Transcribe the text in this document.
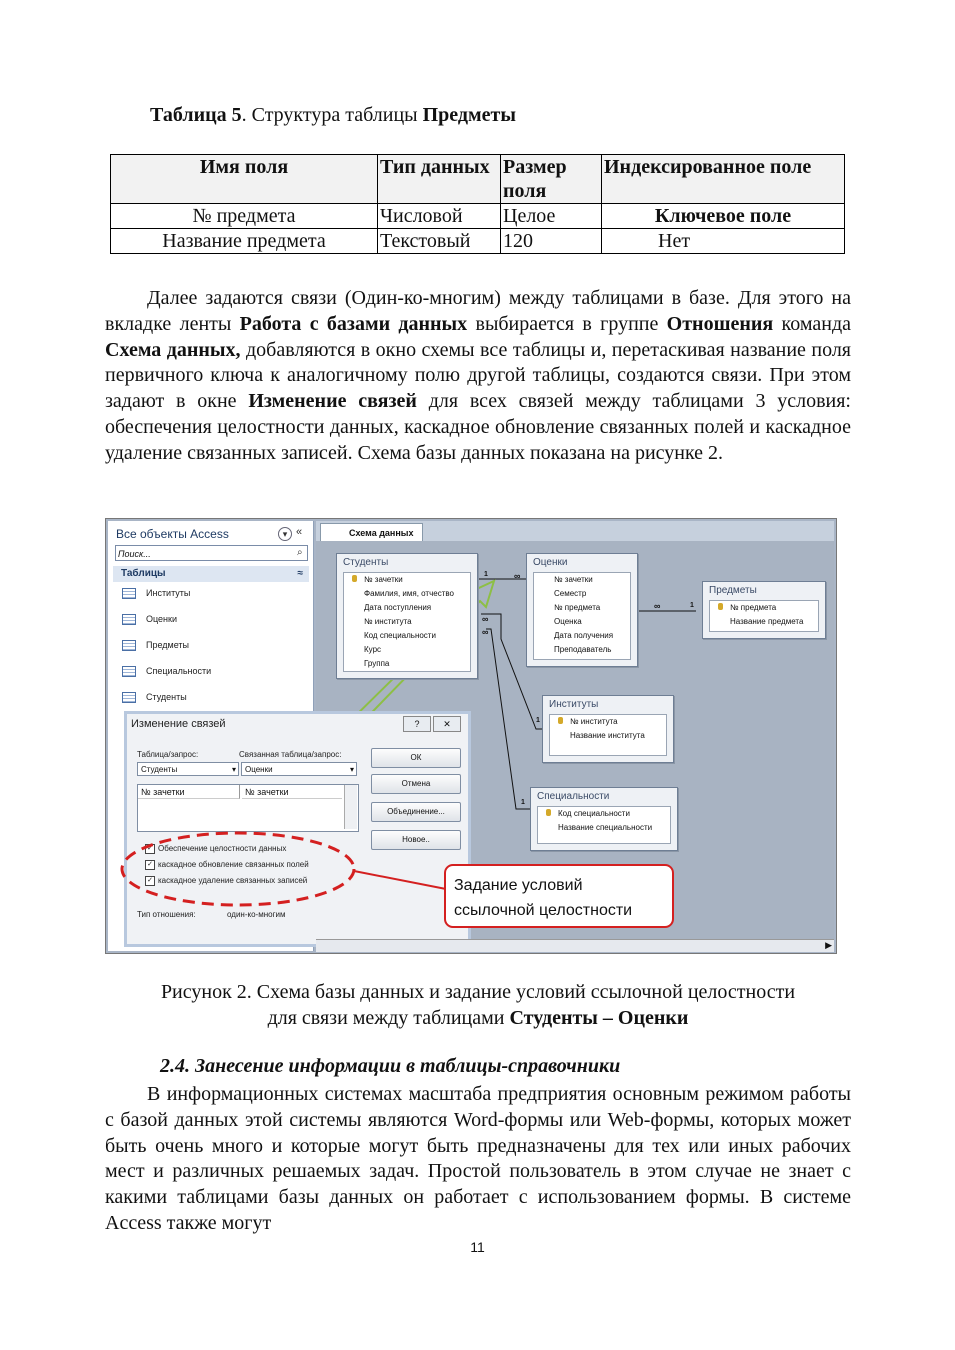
Таблица 5. Структура таблицы Предметы
Имя поля	Тип данных	Размер поля	Индексированное поле
№ предмета	Числовой	Целое	Ключевое поле
Название предмета	Текстовый	120	Нет

Далее задаются связи (Один-ко-многим) между таблицами в базе. Для этого на вкладке ленты Работа с базами данных выбирается в группе Отношения команда Схема данных, добавляются в окно схемы все таблицы и, перетаскивая название поля первичного ключа к аналогичному полю другой таблицы, создаются связи. При этом задают в окне Изменение связей для всех связей между таблицами 3 условия: обеспечения целостности данных, каскадное обновление связанных полей и каскадное удаление связанных записей. Схема базы данных показана на рисунке 2.

Все объекты Access	▾ «
Поиск...	⌕
Таблицы	≈
Институты
Оценки
Предметы
Специальности
Студенты
Схема данных
1	∞
∞	1
∞
∞
1
1
Студенты
№ зачетки
Фамилия, имя, отчество
Дата поступления
№ института
Код специальности
Курс
Группа
Оценки
№ зачетки
Семестр
№ предмета
Оценка
Дата получения
Преподаватель
Предметы
№ предмета
Название предмета
Институты
№ института
Название института
Специальности
Код специальности
Название специальности
Изменение связей	?	✕
Таблица/запрос:	Связанная таблица/запрос:
Студенты	▾	Оценки	▾
№ зачетки	№ зачетки
ОК
Отмена
Объединение...
Новое..
✓ Обеспечение целостности данных
✓ каскадное обновление связанных полей
✓ каскадное удаление связанных записей
Тип отношения:	один-ко-многим
Задание условий ссылочной целостности
▶
Рисунок 2. Схема базы данных и задание условий ссылочной целостности
для связи между таблицами Студенты – Оценки
2.4. Занесение информации в таблицы-справочники

В информационных системах масштаба предприятия основным режимом работы с базой данных этой системы являются Word-формы или Web-формы, которых может быть очень много и которые могут быть предназначены для тех или иных рабочих мест и различных решаемых задач. Простой пользователь в этом случае не знает с какими таблицами базы данных он работает с использованием формы. В системе Access также могут

11
